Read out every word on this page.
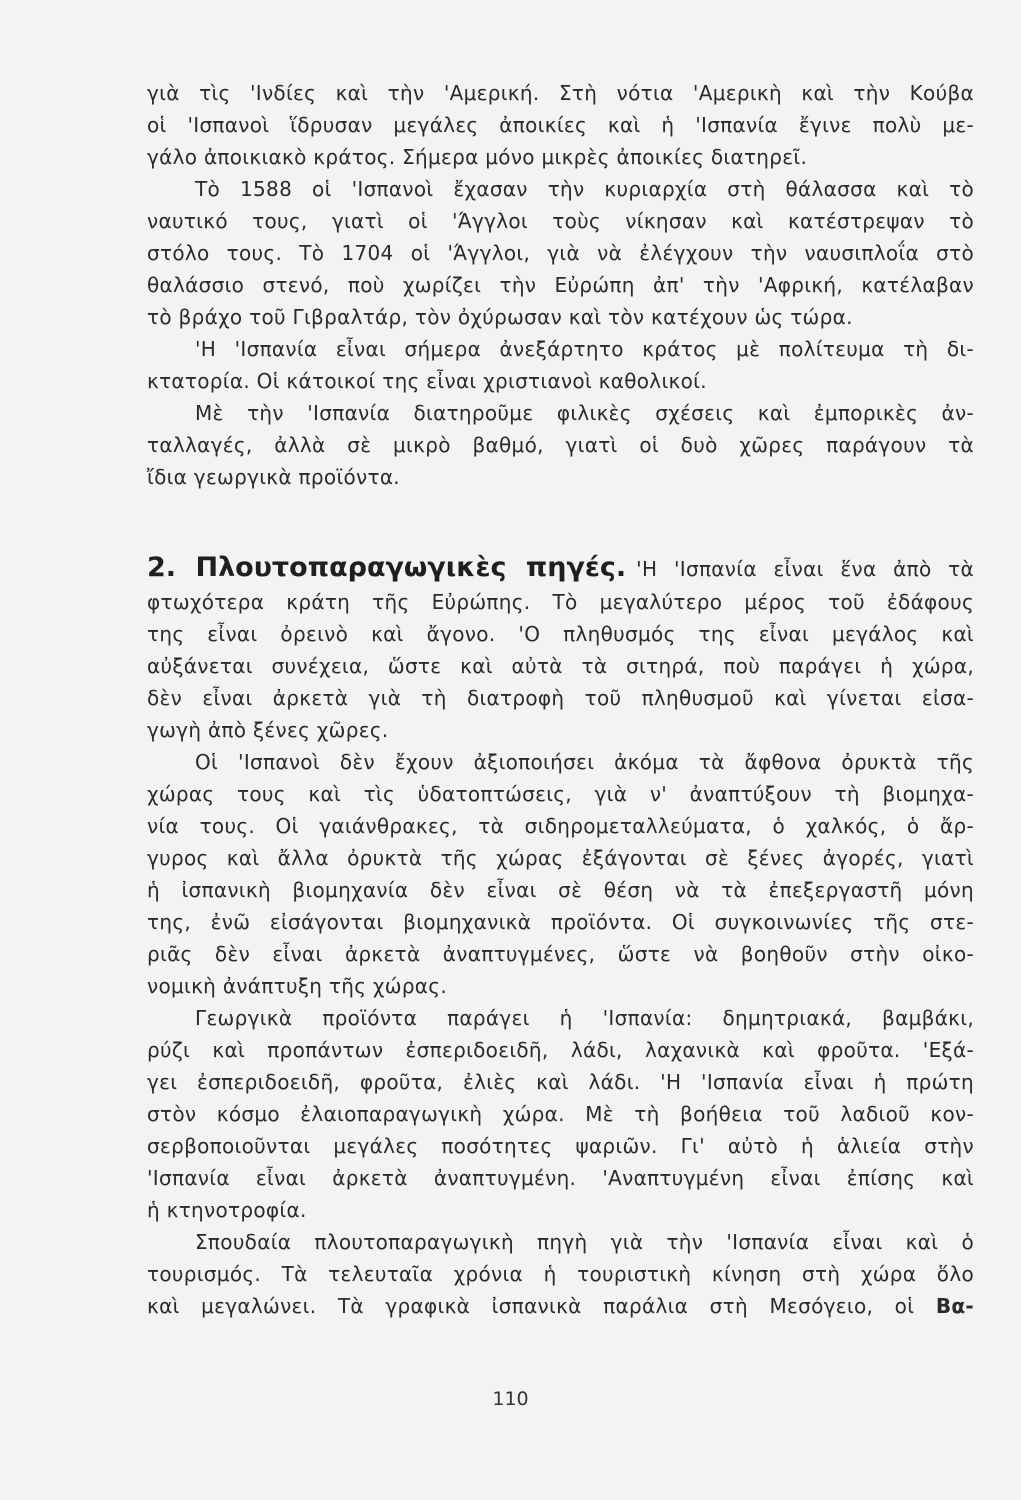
γιὰ τὶς 'Ινδίες καὶ τὴν 'Αμερική. Στὴ νότια 'Αμερικὴ καὶ τὴν Κούβα
οἱ 'Ισπανοὶ ἵδρυσαν μεγάλες ἀποικίες καὶ ἡ 'Ισπανία ἔγινε πολὺ με-
γάλο ἀποικιακὸ κράτος. Σήμερα μόνο μικρὲς ἀποικίες διατηρεῖ.
Τὸ 1588 οἱ 'Ισπανοὶ ἔχασαν τὴν κυριαρχία στὴ θάλασσα καὶ τὸ
ναυτικό τους, γιατὶ οἱ 'Άγγλοι τοὺς νίκησαν καὶ κατέστρεψαν τὸ
στόλο τους. Τὸ 1704 οἱ 'Άγγλοι, γιὰ νὰ ἐλέγχουν τὴν ναυσιπλοΐα στὸ
θαλάσσιο στενό, ποὺ χωρίζει τὴν Εὐρώπη ἀπ' τὴν 'Αφρική, κατέλαβαν
τὸ βράχο τοῦ Γιβραλτάρ, τὸν ὀχύρωσαν καὶ τὸν κατέχουν ὡς τώρα.
'Η 'Ισπανία εἶναι σήμερα ἀνεξάρτητο κράτος μὲ πολίτευμα τὴ δι-
κτατορία. Οἱ κάτοικοί της εἶναι χριστιανοὶ καθολικοί.
Μὲ τὴν 'Ισπανία διατηροῦμε φιλικὲς σχέσεις καὶ ἐμπορικὲς ἀν-
ταλλαγές, ἀλλὰ σὲ μικρὸ βαθμό, γιατὶ οἱ δυὸ χῶρες παράγουν τὰ
ἴδια γεωργικὰ προϊόντα.
2. Πλουτοπαραγωγικὲς πηγές. 'Η 'Ισπανία εἶναι ἕνα ἀπὸ τὰ
φτωχότερα κράτη τῆς Εὐρώπης. Τὸ μεγαλύτερο μέρος τοῦ ἐδάφους
της εἶναι ὀρεινὸ καὶ ἄγονο. 'Ο πληθυσμός της εἶναι μεγάλος καὶ
αὐξάνεται συνέχεια, ὥστε καὶ αὐτὰ τὰ σιτηρά, ποὺ παράγει ἡ χώρα,
δὲν εἶναι ἀρκετὰ γιὰ τὴ διατροφὴ τοῦ πληθυσμοῦ καὶ γίνεται εἰσα-
γωγὴ ἀπὸ ξένες χῶρες.
Οἱ 'Ισπανοὶ δὲν ἔχουν ἀξιοποιήσει ἀκόμα τὰ ἄφθονα ὀρυκτὰ τῆς
χώρας τους καὶ τὶς ὑδατοπτώσεις, γιὰ ν' ἀναπτύξουν τὴ βιομηχα-
νία τους. Οἱ γαιάνθρακες, τὰ σιδηρομεταλλεύματα, ὁ χαλκός, ὁ ἄρ-
γυρος καὶ ἄλλα ὀρυκτὰ τῆς χώρας ἐξάγονται σὲ ξένες ἀγορές, γιατὶ
ἡ ἰσπανικὴ βιομηχανία δὲν εἶναι σὲ θέση νὰ τὰ ἐπεξεργαστῆ μόνη
της, ἐνῶ εἰσάγονται βιομηχανικὰ προϊόντα. Οἱ συγκοινωνίες τῆς στε-
ριᾶς δὲν εἶναι ἀρκετὰ ἀναπτυγμένες, ὥστε νὰ βοηθοῦν στὴν οἰκο-
νομικὴ ἀνάπτυξη τῆς χώρας.
Γεωργικὰ προϊόντα παράγει ἡ 'Ισπανία: δημητριακά, βαμβάκι,
ρύζι καὶ προπάντων ἐσπεριδοειδῆ, λάδι, λαχανικὰ καὶ φροῦτα. 'Εξά-
γει ἐσπεριδοειδῆ, φροῦτα, ἐλιὲς καὶ λάδι. 'Η 'Ισπανία εἶναι ἡ πρώτη
στὸν κόσμο ἐλαιοπαραγωγικὴ χώρα. Μὲ τὴ βοήθεια τοῦ λαδιοῦ κον-
σερβοποιοῦνται μεγάλες ποσότητες ψαριῶν. Γι' αὐτὸ ἡ ἁλιεία στὴν
'Ισπανία εἶναι ἀρκετὰ ἀναπτυγμένη. 'Αναπτυγμένη εἶναι ἐπίσης καὶ
ἡ κτηνοτροφία.
Σπουδαία πλουτοπαραγωγικὴ πηγὴ γιὰ τὴν 'Ισπανία εἶναι καὶ ὁ
τουρισμός. Τὰ τελευταῖα χρόνια ἡ τουριστικὴ κίνηση στὴ χώρα ὅλο
καὶ μεγαλώνει. Τὰ γραφικὰ ἰσπανικὰ παράλια στὴ Μεσόγειο, οἱ Βα-
110
